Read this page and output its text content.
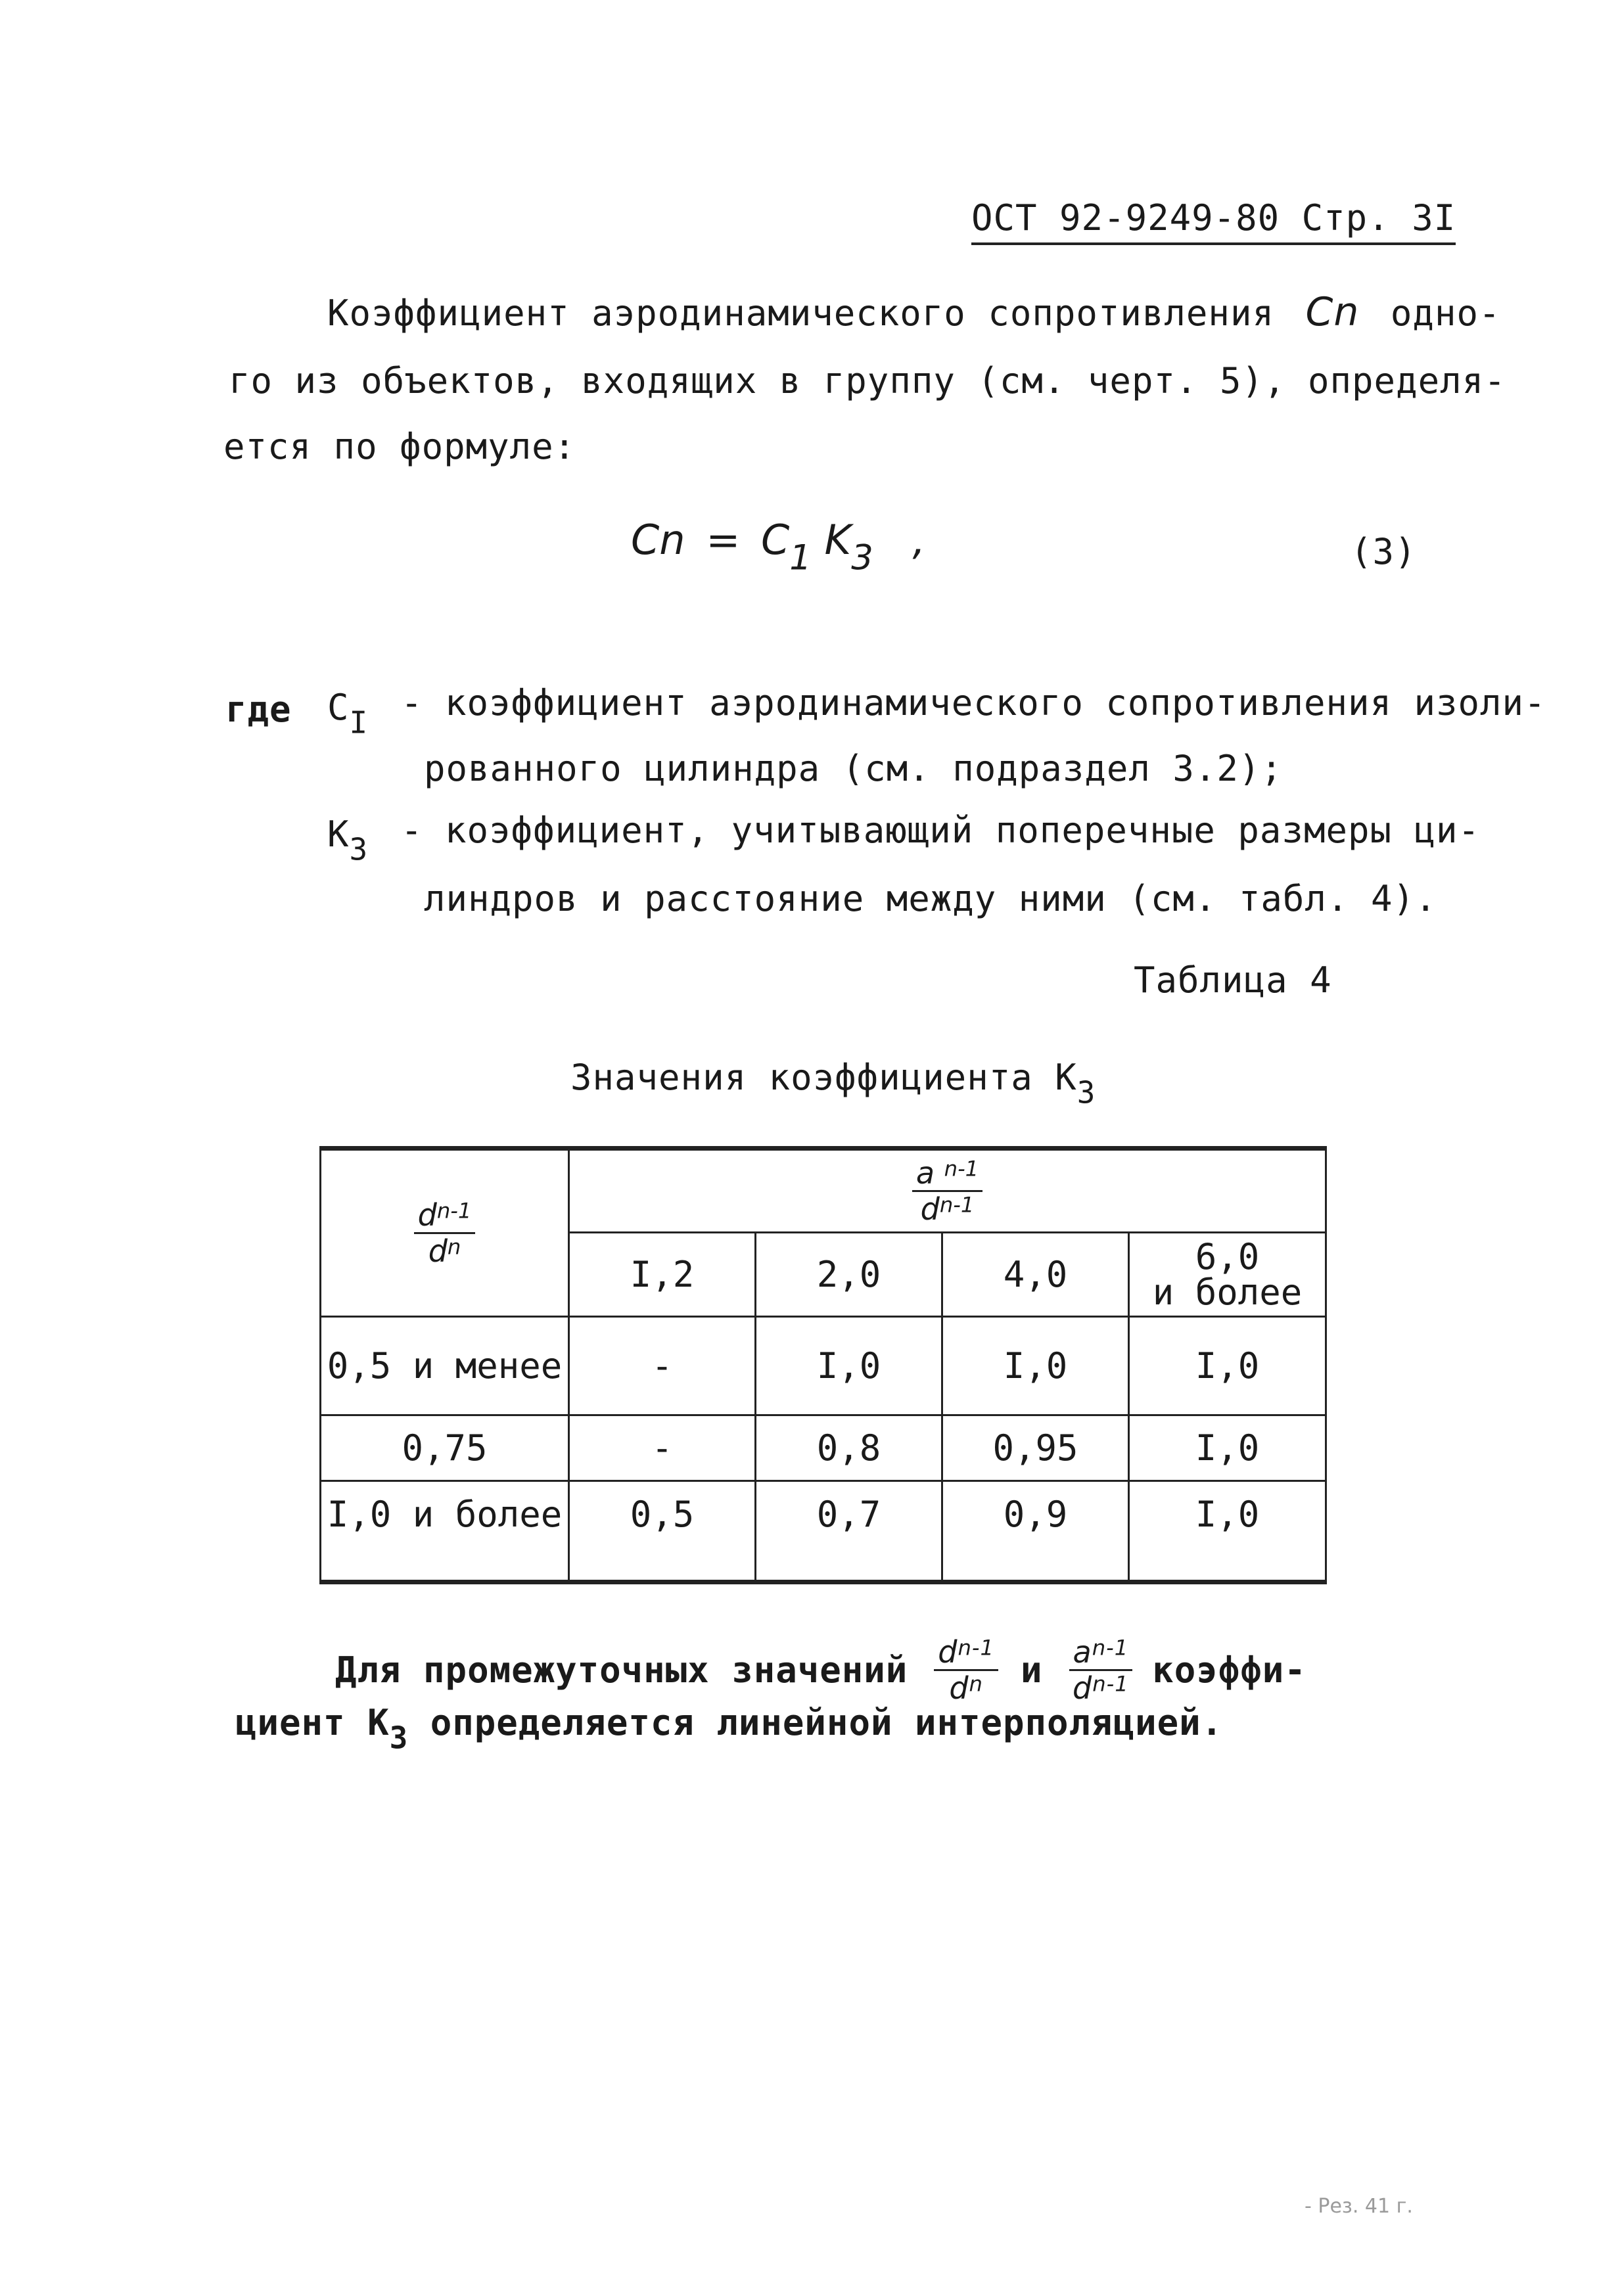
ОСТ 92-9249-80 Стр. 3I
Коэффициент аэродинамического сопротивления Cn одно-
го из объектов, входящих в группу (см. черт. 5), определя-
ется по формуле:
$Cn = C_1$ $K_3$ ,	(3)
где $C_I$ - коэффициент аэродинамического сопротивления изоли-
рованного цилиндра (см. подраздел 3.2);
$K_3$ - коэффициент, учитывающий поперечные размеры ци-
линдров и расстояние между ними (см. табл. 4).
Таблица 4
Значения коэффициента $K_3$
$\frac{d_{n-1}}{d_n}$	$\frac{a _{n-1}}{d_{n-1}}$

	I,2	2,0	4,0	6,0
и более

0,5 и менее	-	I,0	I,0	I,0
0,75	-	0,8	0,95	I,0
I,0 и более	0,5	0,7	0,9	I,0
Для промежуточных значений $\frac{d_{n-1}}{d_n}$ и $\frac{a_{n-1}}{d_{n-1}}$ коэффи-
циент $K_3$ определяется линейной интерполяцией.
- Рез. 41 г.
